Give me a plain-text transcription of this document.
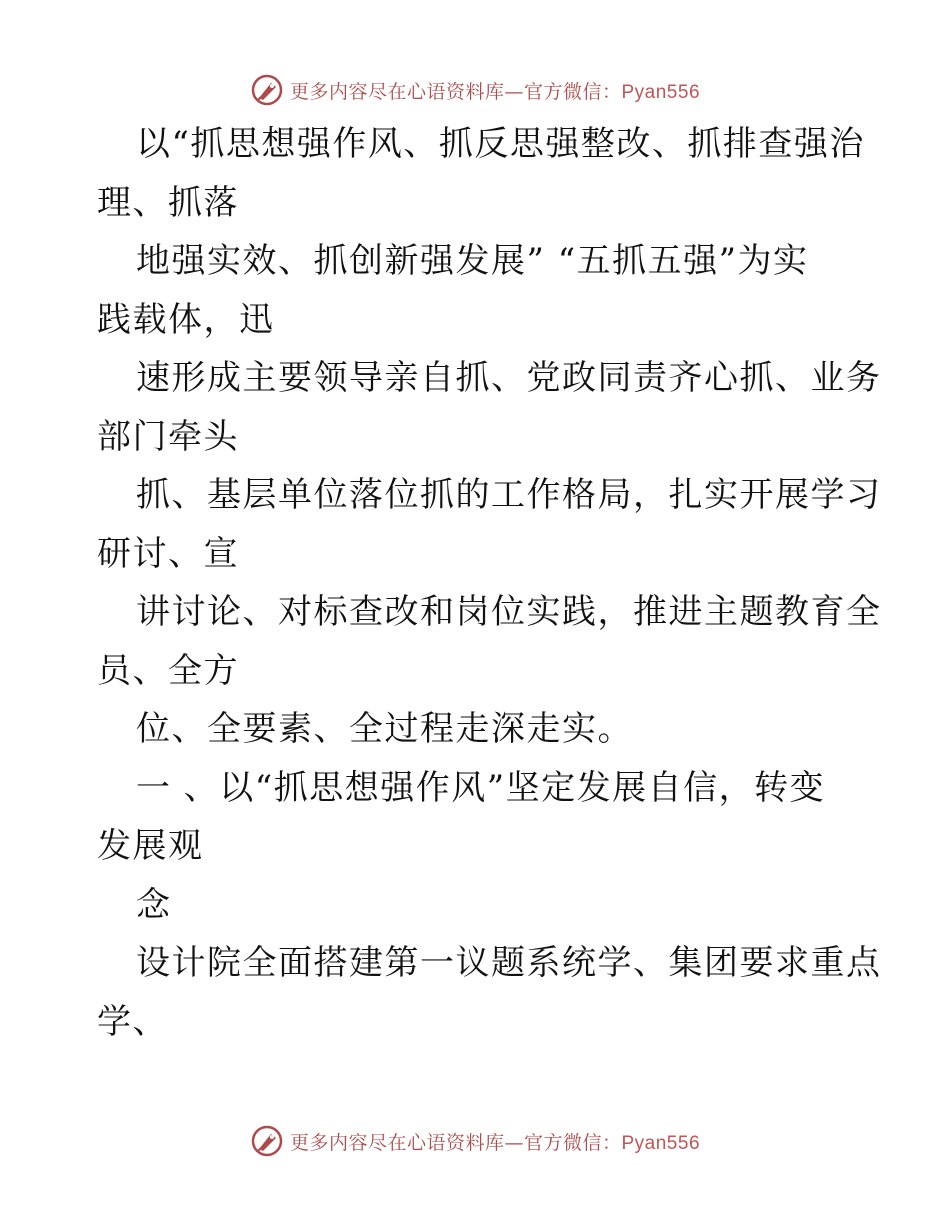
更多内容尽在心语资料库—官方微信：Pyan556
以“抓思想强作风、抓反思强整改、抓排查强治
理、抓落
地强实效、抓创新强发展” “五抓五强”为实
践载体，迅
速形成主要领导亲自抓、党政同责齐心抓、业务
部门牵头
抓、基层单位落位抓的工作格局，扎实开展学习
研讨、宣
讲讨论、对标查改和岗位实践，推进主题教育全
员、全方
位、全要素、全过程走深走实。
一 、以“抓思想强作风”坚定发展自信，转变
发展观
念
设计院全面搭建第一议题系统学、集团要求重点
学、
更多内容尽在心语资料库—官方微信：Pyan556
